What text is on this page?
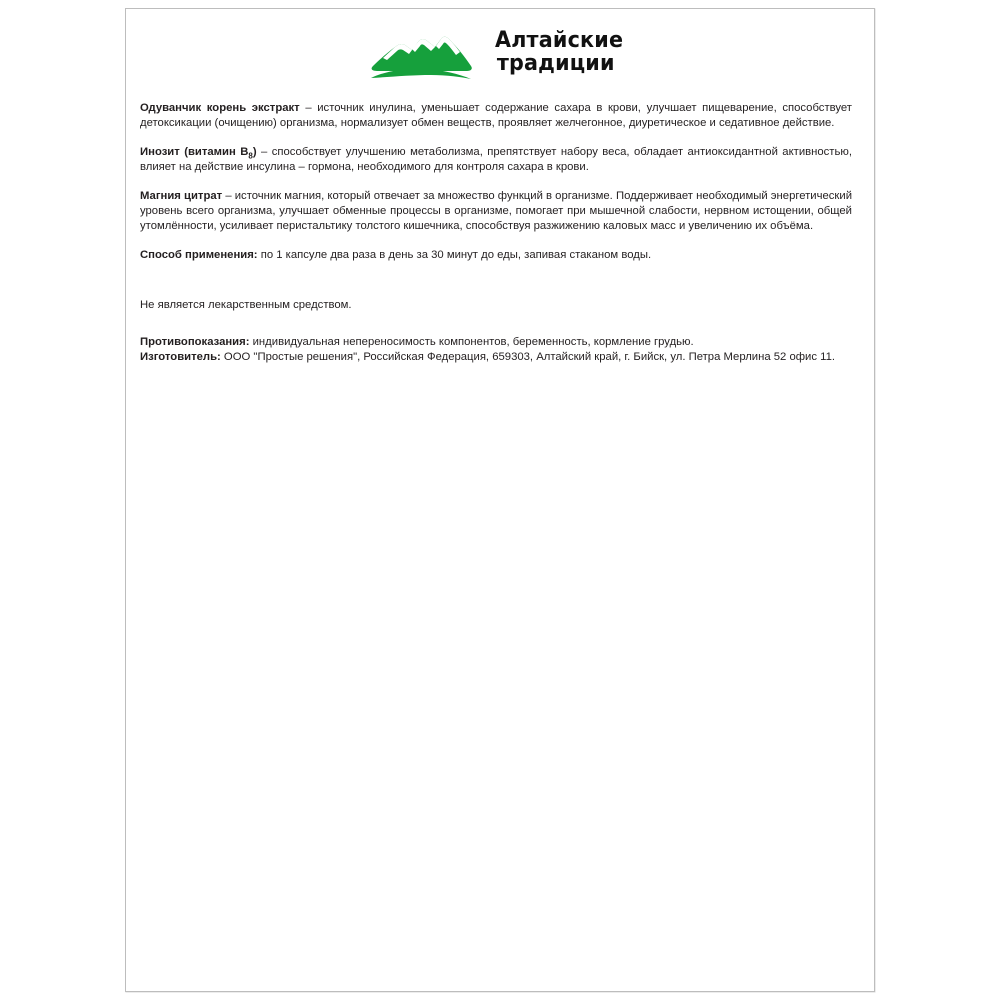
Алтайские
традиции

Одуванчик корень экстракт – источник инулина, уменьшает содержание сахара в крови, улучшает пищеварение, способствует детоксикации (очищению) организма, нормализует обмен веществ, проявляет желчегонное, диуретическое и седативное действие.

Инозит (витамин $B_8$) – способствует улучшению метаболизма, препятствует набору веса, обладает антиоксидантной активностью, влияет на действие инсулина – гормона, необходимого для контроля сахара в крови.

Магния цитрат – источник магния, который отвечает за множество функций в организме. Поддерживает необходимый энергетический уровень всего организма, улучшает обменные процессы в организме, помогает при мышечной слабости, нервном истощении, общей утомлённости, усиливает перистальтику толстого кишечника, способствуя разжижению каловых масс и увеличению их объёма.

Способ применения: по 1 капсуле два раза в день за 30 минут до еды, запивая стаканом воды.

Не является лекарственным средством.

Противопоказания: индивидуальная непереносимость компонентов, беременность, кормление грудью.

Изготовитель: ООО "Простые решения", Российская Федерация, 659303, Алтайский край, г. Бийск, ул. Петра Мерлина 52 офис 11.
